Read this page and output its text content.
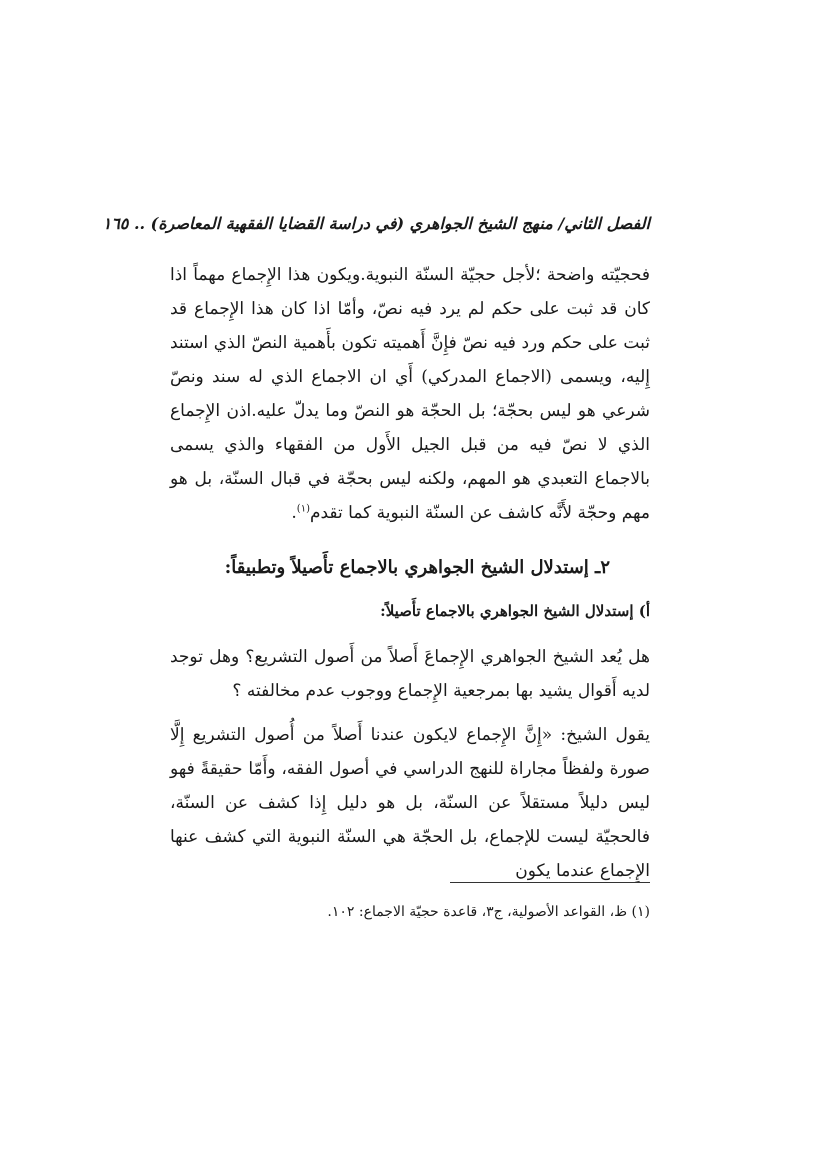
الفصل الثاني/ منهج الشيخ الجواهري (في دراسة القضايا الفقهية المعاصرة) .. ١٦٥
فحجيّته واضحة ؛لأجل حجيّة السنّة النبوية.ويكون هذا الإِجماع مهماً اذا كان قد ثبت على حكم لم يرد فيه نصّ، وأمّا اذا كان هذا الإِجماع قد ثبت على حكم ورد فيه نصّ فإِنَّ أَهميته تكون بأَهمية النصّ الذي استند إِليه، ويسمى (الاجماع المدركي) أَي ان الاجماع الذي له سند ونصّ شرعي هو ليس بحجّة؛ بل الحجّة هو النصّ وما يدلّ عليه.اذن الإِجماع الذي لا نصّ فيه من قبل الجيل الأَول من الفقهاء والذي يسمى بالاجماع التعبدي هو المهم، ولكنه ليس بحجّة في قبال السنّة، بل هو مهم وحجّة لأَنَّه كاشف عن السنّة النبوية كما تقدم$^{(١)}$.
٢ـ إستدلال الشيخ الجواهري بالاجماع تأَصيلاً وتطبيقاً:
أ) إستدلال الشيخ الجواهري بالاجماع تأَصيلاً:
هل يُعد الشيخ الجواهري الإِجماعَ أَصلاً من أَصول التشريع؟ وهل توجد لديه أَقوال يشيد بها بمرجعية الإِجماع ووجوب عدم مخالفته ؟
يقول الشيخ: «إِنَّ الإِجماع لايكون عندنا أَصلاً من أُصول التشريع إِلَّا صورة ولفظاً مجاراة للنهج الدراسي في أصول الفقه، وأَمّا حقيقةً فهو ليس دليلاً مستقلاً عن السنّة، بل هو دليل إِذا كشف عن السنّة، فالحجيّة ليست للإجماع، بل الحجّة هي السنّة النبوية التي كشف عنها الإِجماع عندما يكون
(١) ظ، القواعد الأصولية، ج٣، قاعدة حجيّة الاجماع: ١٠٢.
